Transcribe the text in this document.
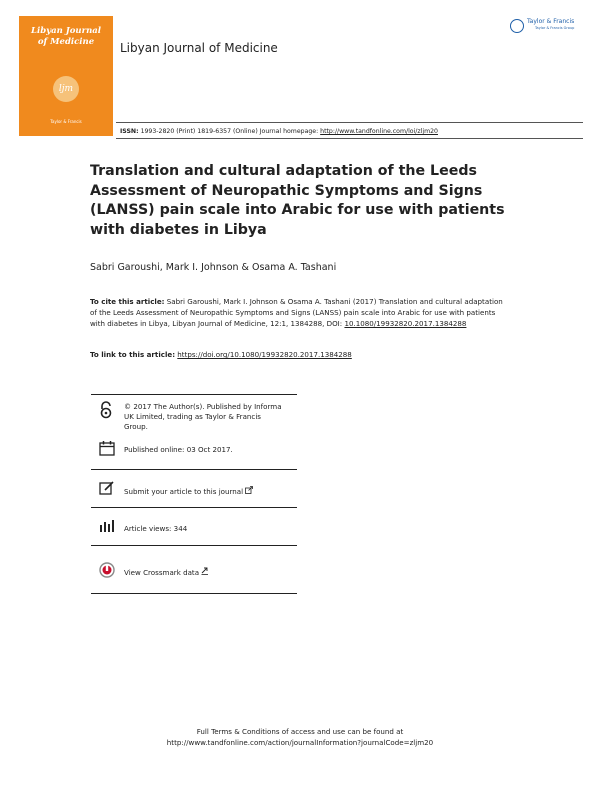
Libyan Journal
of Medicine
ljm
Taylor & Francis
Libyan Journal of Medicine
Taylor & Francis
Taylor & Francis Group
ISSN: 1993-2820 (Print) 1819-6357 (Online) Journal homepage: http://www.tandfonline.com/loi/zljm20
Translation and cultural adaptation of the Leeds Assessment of Neuropathic Symptoms and Signs (LANSS) pain scale into Arabic for use with patients with diabetes in Libya
Sabri Garoushi, Mark I. Johnson & Osama A. Tashani
To cite this article: Sabri Garoushi, Mark I. Johnson & Osama A. Tashani (2017) Translation and cultural adaptation of the Leeds Assessment of Neuropathic Symptoms and Signs (LANSS) pain scale into Arabic for use with patients with diabetes in Libya, Libyan Journal of Medicine, 12:1, 1384288, DOI: 10.1080/19932820.2017.1384288
To link to this article: https://doi.org/10.1080/19932820.2017.1384288
© 2017 The Author(s). Published by Informa
UK Limited, trading as Taylor & Francis
Group.
Published online: 03 Oct 2017.
Submit your article to this journal
Article views: 344
View Crossmark data
Full Terms & Conditions of access and use can be found at
http://www.tandfonline.com/action/journalInformation?journalCode=zljm20
